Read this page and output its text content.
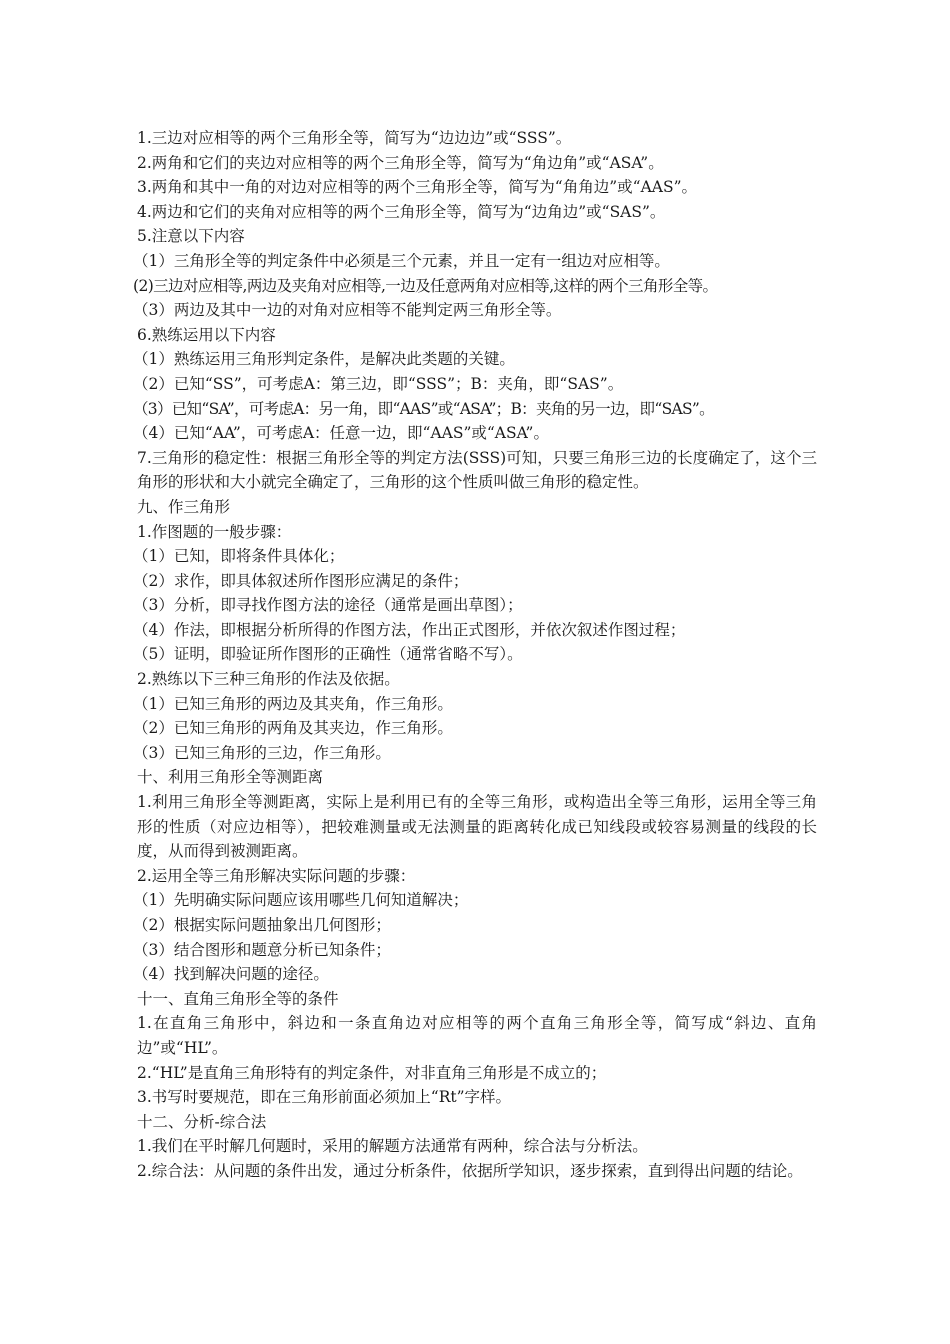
1.三边对应相等的两个三角形全等，简写为“边边边”或“SSS”。
2.两角和它们的夹边对应相等的两个三角形全等，简写为“角边角”或“ASA”。
3.两角和其中一角的对边对应相等的两个三角形全等，简写为“角角边”或“AAS”。
4.两边和它们的夹角对应相等的两个三角形全等，简写为“边角边”或“SAS”。
5.注意以下内容
（1）三角形全等的判定条件中必须是三个元素，并且一定有一组边对应相等。
(2)三边对应相等,两边及夹角对应相等,一边及任意两角对应相等,这样的两个三角形全等。
（3）两边及其中一边的对角对应相等不能判定两三角形全等。
6.熟练运用以下内容
（1）熟练运用三角形判定条件，是解决此类题的关键。
（2）已知“SS”，可考虑A：第三边，即“SSS”；B：夹角，即“SAS”。
（3）已知“SA”，可考虑A：另一角，即“AAS”或“ASA”；B：夹角的另一边，即“SAS”。
（4）已知“AA”，可考虑A：任意一边，即“AAS”或“ASA”。
7.三角形的稳定性：根据三角形全等的判定方法(SSS)可知，只要三角形三边的长度确定了，这个三角形的形状和大小就完全确定了，三角形的这个性质叫做三角形的稳定性。
九、作三角形
1.作图题的一般步骤：
（1）已知，即将条件具体化；
（2）求作，即具体叙述所作图形应满足的条件；
（3）分析，即寻找作图方法的途径（通常是画出草图）；
（4）作法，即根据分析所得的作图方法，作出正式图形，并依次叙述作图过程；
（5）证明，即验证所作图形的正确性（通常省略不写）。
2.熟练以下三种三角形的作法及依据。
（1）已知三角形的两边及其夹角，作三角形。
（2）已知三角形的两角及其夹边，作三角形。
（3）已知三角形的三边，作三角形。
十、利用三角形全等测距离
1.利用三角形全等测距离，实际上是利用已有的全等三角形，或构造出全等三角形，运用全等三角形的性质（对应边相等），把较难测量或无法测量的距离转化成已知线段或较容易测量的线段的长度，从而得到被测距离。
2.运用全等三角形解决实际问题的步骤：
（1）先明确实际问题应该用哪些几何知道解决；
（2）根据实际问题抽象出几何图形；
（3）结合图形和题意分析已知条件；
（4）找到解决问题的途径。
十一、直角三角形全等的条件
1.在直角三角形中，斜边和一条直角边对应相等的两个直角三角形全等，简写成“斜边、直角边”或“HL”。
2.“HL”是直角三角形特有的判定条件，对非直角三角形是不成立的；
3.书写时要规范，即在三角形前面必须加上“Rt”字样。
十二、分析-综合法
1.我们在平时解几何题时，采用的解题方法通常有两种，综合法与分析法。
2.综合法：从问题的条件出发，通过分析条件，依据所学知识，逐步探索，直到得出问题的结论。
